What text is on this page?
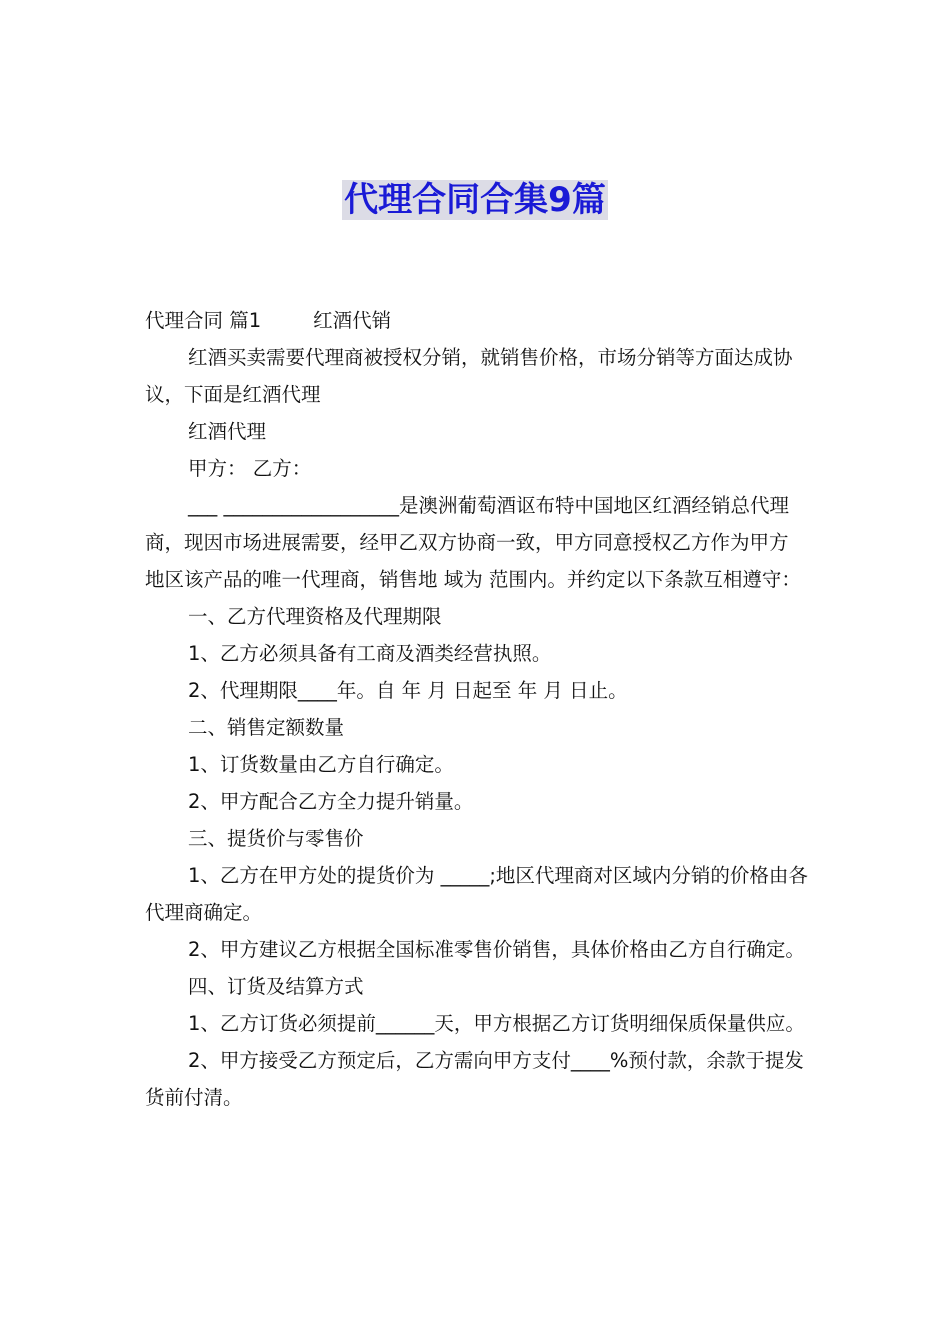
代理合同合集9篇

代理合同 篇1	红酒代销

红酒买卖需要代理商被授权分销，就销售价格，市场分销等方面达成协议，下面是红酒代理

红酒代理

甲方： 乙方：

___ __________________是澳洲葡萄酒讴布特中国地区红酒经销总代理商，现因市场进展需要，经甲乙双方协商一致，甲方同意授权乙方作为甲方 地区该产品的唯一代理商，销售地 域为 范围内。并约定以下条款互相遵守：

一、乙方代理资格及代理期限

1、乙方必须具备有工商及酒类经营执照。

2、代理期限____年。自 年 月 日起至 年 月 日止。

二、销售定额数量

1、订货数量由乙方自行确定。

2、甲方配合乙方全力提升销量。

三、提货价与零售价

1、乙方在甲方处的提货价为 _____;地区代理商对区域内分销的价格由各代理商确定。

2、甲方建议乙方根据全国标准零售价销售，具体价格由乙方自行确定。

四、订货及结算方式

1、乙方订货必须提前______天，甲方根据乙方订货明细保质保量供应。

2、甲方接受乙方预定后，乙方需向甲方支付____%预付款，余款于提发货前付清。
